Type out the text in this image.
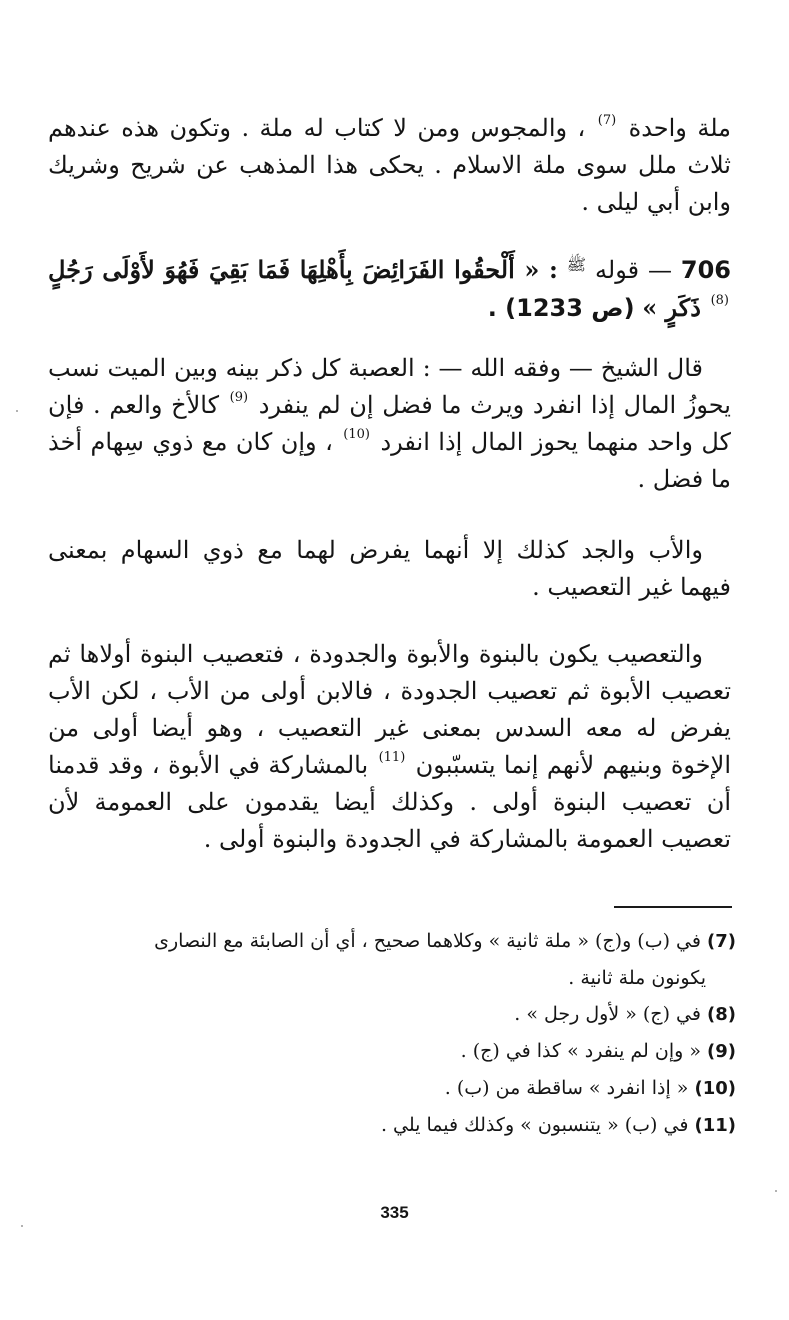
ملة واحدة $^{(7)}$ ، والمجوس ومن لا كتاب له ملة . وتكون هذه عندهم ثلاث ملل سوى ملة الاسلام . يحكى هذا المذهب عن شريح وشريك وابن أبي ليلى .

706 — قوله $^ﷺ$ : « أَلْحقُوا الفَرَائِضَ بِأَهْلِهَا فَمَا بَقِيَ فَهُوَ لأَوْلَى رَجُلٍ $^{(8)}$ ذَكَرٍ » (ص 1233) .

قال الشيخ — وفقه الله — : العصبة كل ذكر بينه وبين الميت نسب يحوزُ المال إذا انفرد ويرث ما فضل إن لم ينفرد $^{(9)}$ كالأخ والعم . فإن كل واحد منهما يحوز المال إذا انفرد $^{(10)}$ ، وإن كان مع ذوي سِهام أخذ ما فضل .

والأب والجد كذلك إلا أنهما يفرض لهما مع ذوي السهام بمعنى فيهما غير التعصيب .

والتعصيب يكون بالبنوة والأبوة والجدودة ، فتعصيب البنوة أولاها ثم تعصيب الأبوة ثم تعصيب الجدودة ، فالابن أولى من الأب ، لكن الأب يفرض له معه السدس بمعنى غير التعصيب ، وهو أيضا أولى من الإخوة وبنيهم لأنهم إنما يتسبّبون $^{(11)}$ بالمشاركة في الأبوة ، وقد قدمنا أن تعصيب البنوة أولى . وكذلك أيضا يقدمون على العمومة لأن تعصيب العمومة بالمشاركة في الجدودة والبنوة أولى .

(7) في (ب) و(ج) « ملة ثانية » وكلاهما صحيح ، أي أن الصابئة مع النصارى

يكونون ملة ثانية .

(8) في (ج) « لأول رجل » .

(9) « وإن لم ينفرد » كذا في (ج) .

(10) « إذا انفرد » ساقطة من (ب) .

(11) في (ب) « يتنسبون » وكذلك فيما يلي .

335
